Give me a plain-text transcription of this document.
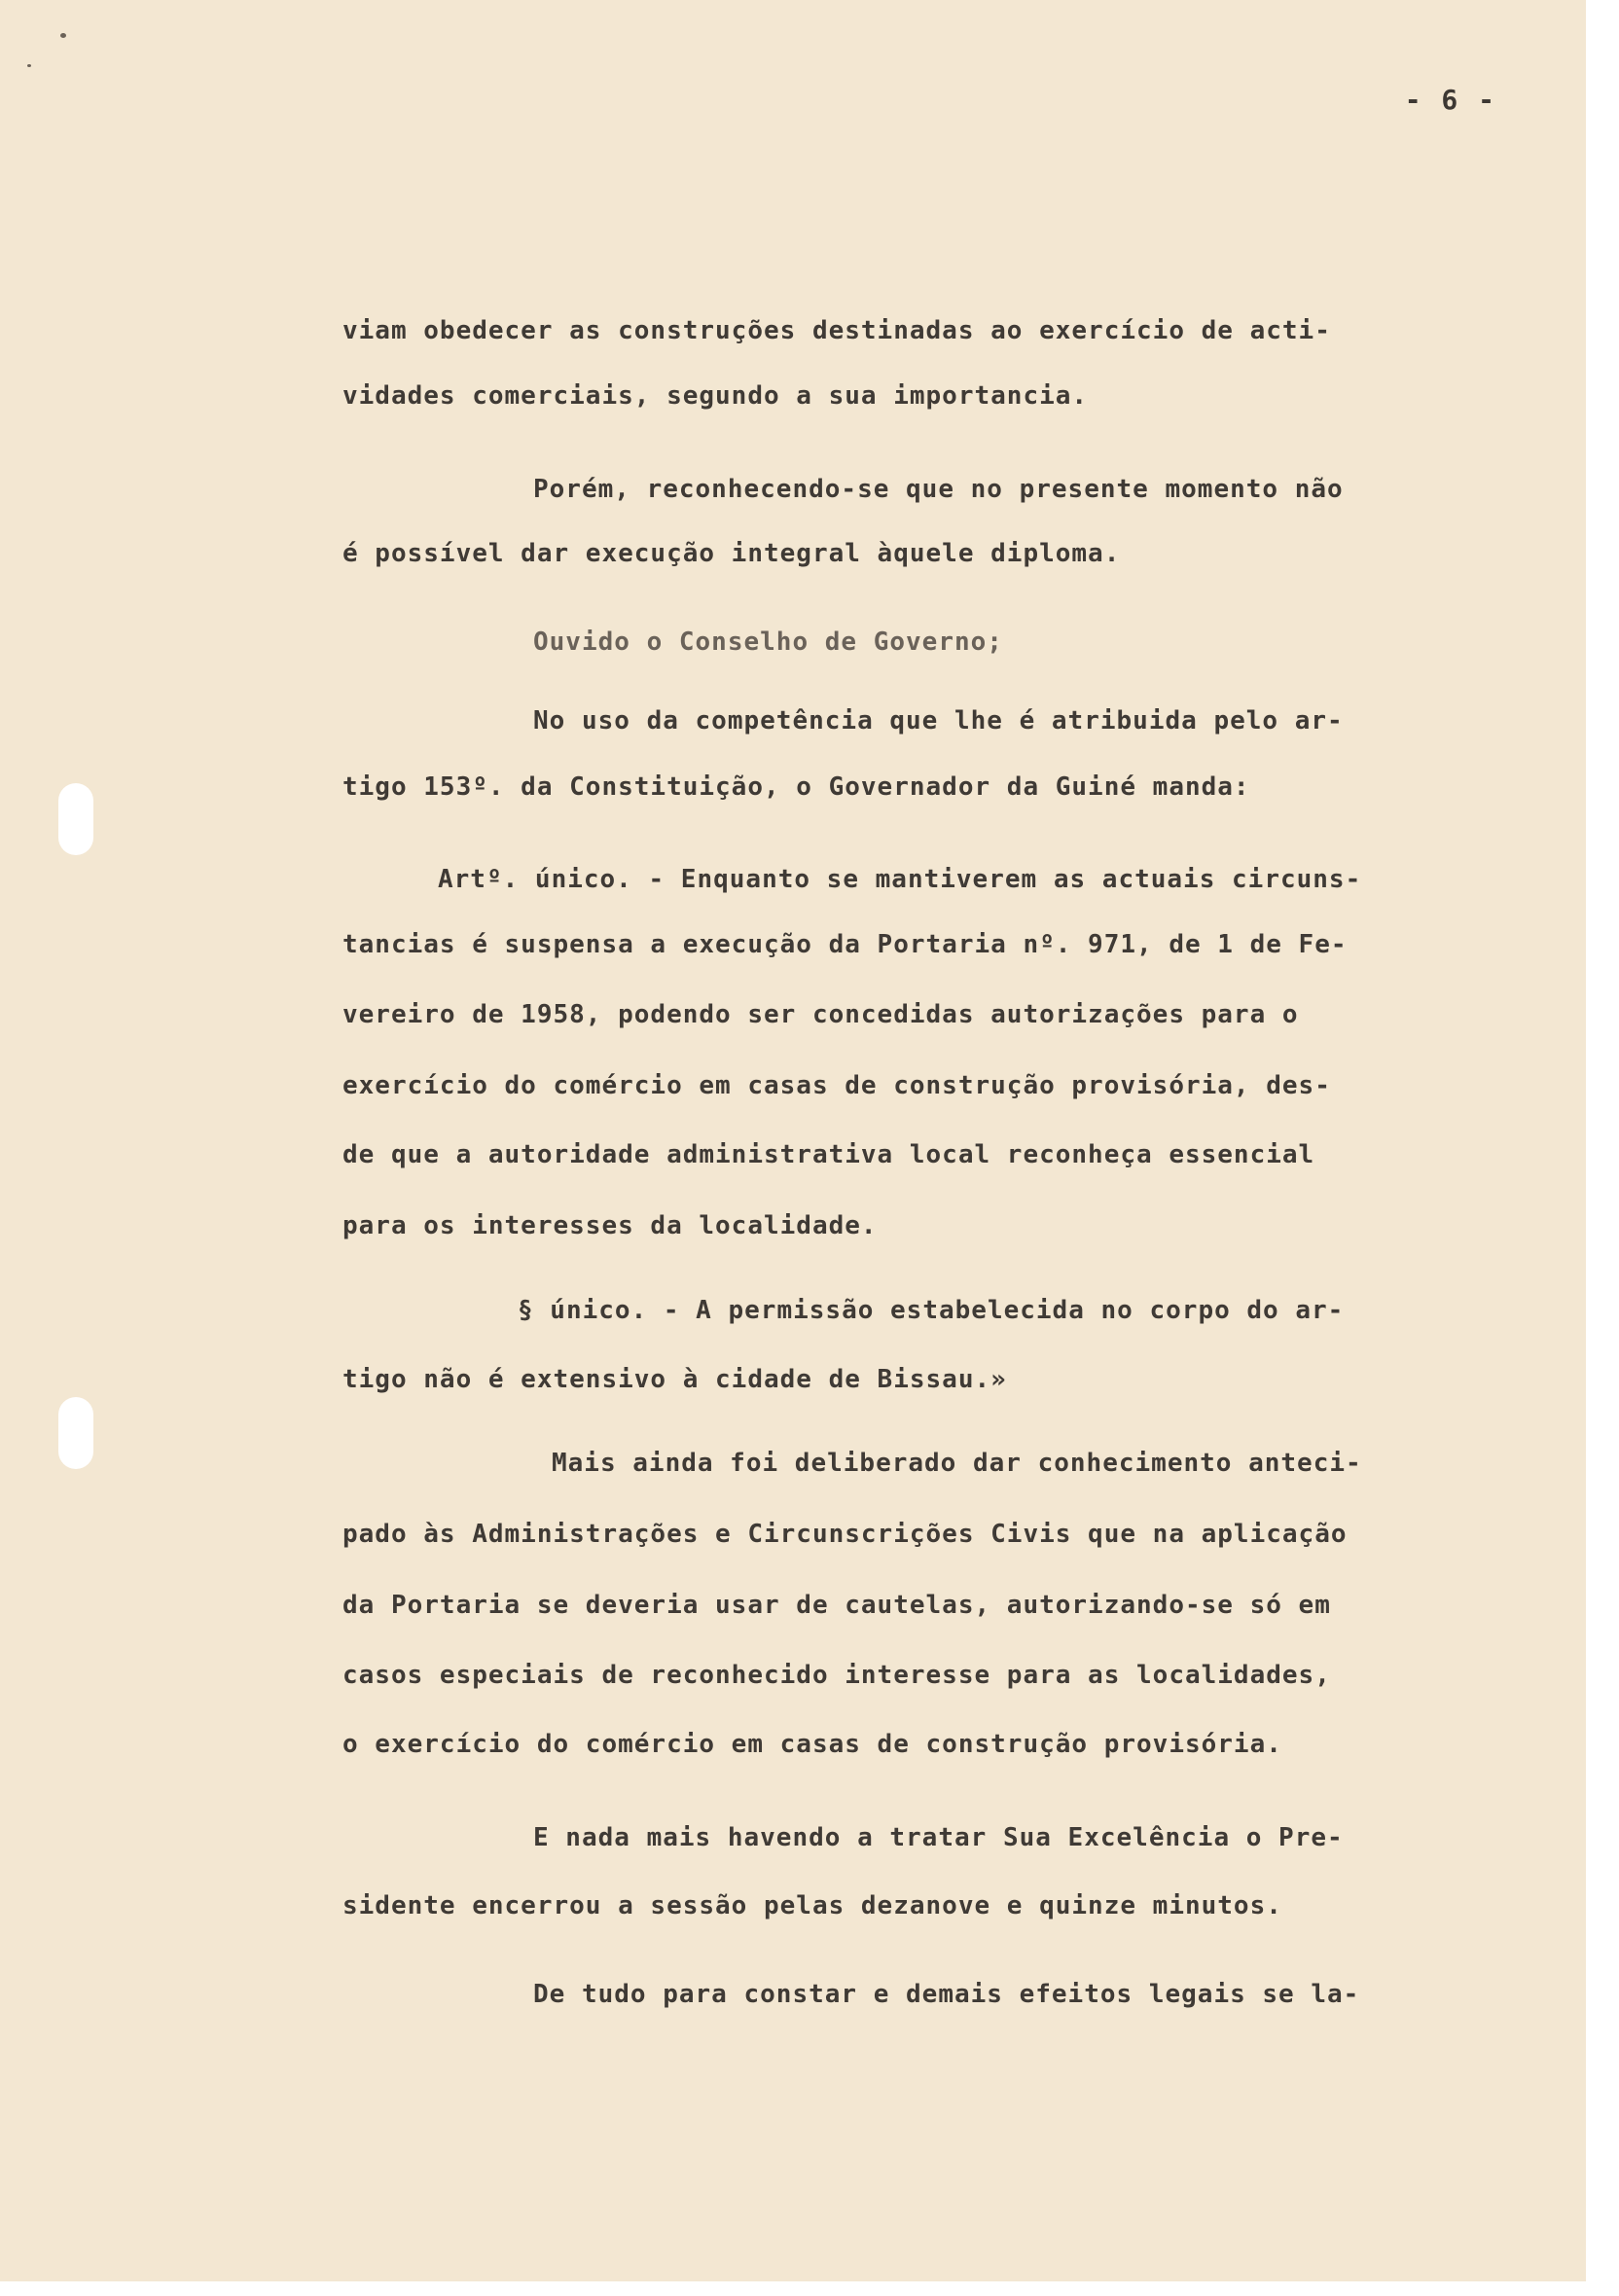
- 6 -
viam obedecer as construções destinadas ao exercício de acti-
vidades comerciais, segundo a sua importancia.
Porém, reconhecendo-se que no presente momento não
é possível dar execução integral àquele diploma.
Ouvido o Conselho de Governo;
No uso da competência que lhe é atribuida pelo ar-
tigo 153º. da Constituição, o Governador da Guiné manda:
Artº. único. - Enquanto se mantiverem as actuais circuns-
tancias é suspensa a execução da Portaria nº. 971, de 1 de Fe-
vereiro de 1958, podendo ser concedidas autorizações para o
exercício do comércio em casas de construção provisória, des-
de que a autoridade administrativa local reconheça essencial
para os interesses da localidade.
§ único. - A permissão estabelecida no corpo do ar-
tigo não é extensivo à cidade de Bissau.»
Mais ainda foi deliberado dar conhecimento anteci-
pado às Administrações e Circunscrições Civis que na aplicação
da Portaria se deveria usar de cautelas, autorizando-se só em
casos especiais de reconhecido interesse para as localidades,
o exercício do comércio em casas de construção provisória.
E nada mais havendo a tratar Sua Excelência o Pre-
sidente encerrou a sessão pelas dezanove e quinze minutos.
De tudo para constar e demais efeitos legais se la-
